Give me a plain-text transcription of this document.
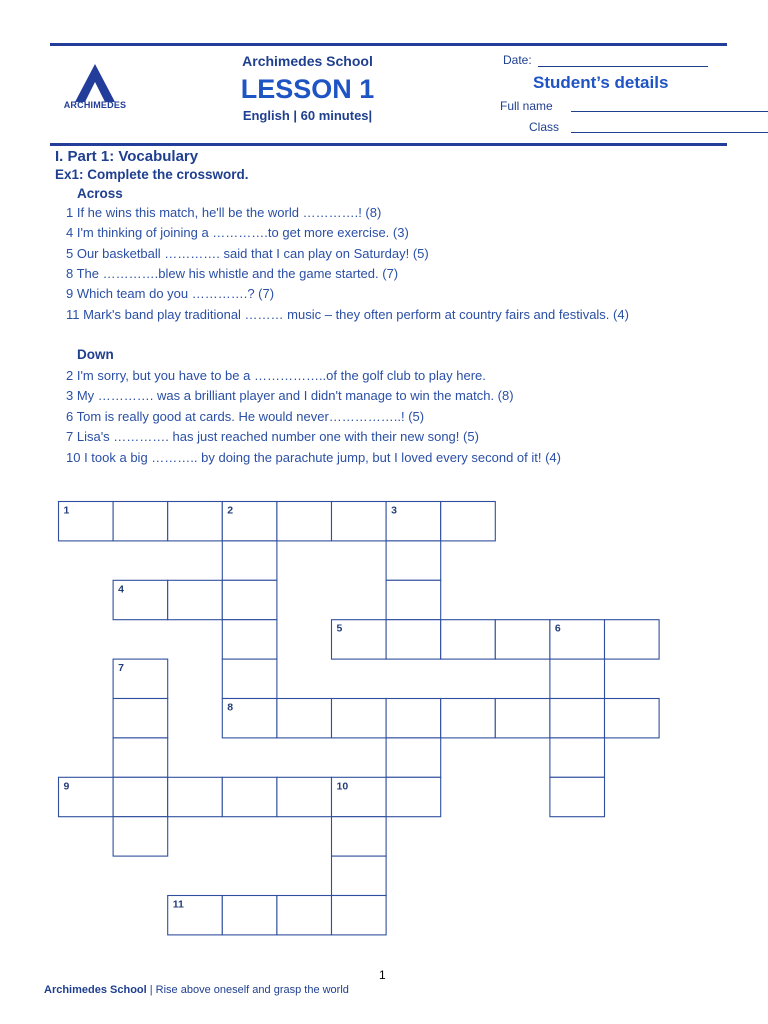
ARCHIMEDES
Archimedes School
LESSON 1
English | 60 minutes|
Date:
Student’s details
Full name
Class
I. Part 1: Vocabulary
Ex1: Complete the crossword.
Across
1 If he wins this match, he'll be the world ………….! (8)
4 I'm thinking of joining a ………….to get more exercise. (3)
5 Our basketball …………. said that I can play on Saturday! (5)
8 The ………….blew his whistle and the game started. (7)
9 Which team do you ………….? (7)
11 Mark's band play traditional ……… music – they often perform at country fairs and festivals. (4)
Down
2 I'm sorry, but you have to be a ……………..of the golf club to play here.
3 My …………. was a brilliant player and I didn't manage to win the match. (8)
6 Tom is really good at cards. He would never……………..! (5)
7 Lisa's …………. has just reached number one with their new song! (5)
10 I took a big ……….. by doing the parachute jump, but I loved every second of it! (4)
1	2	3
4
5	6
7
8
9	10
11
1
Archimedes School | Rise above oneself and grasp the world
